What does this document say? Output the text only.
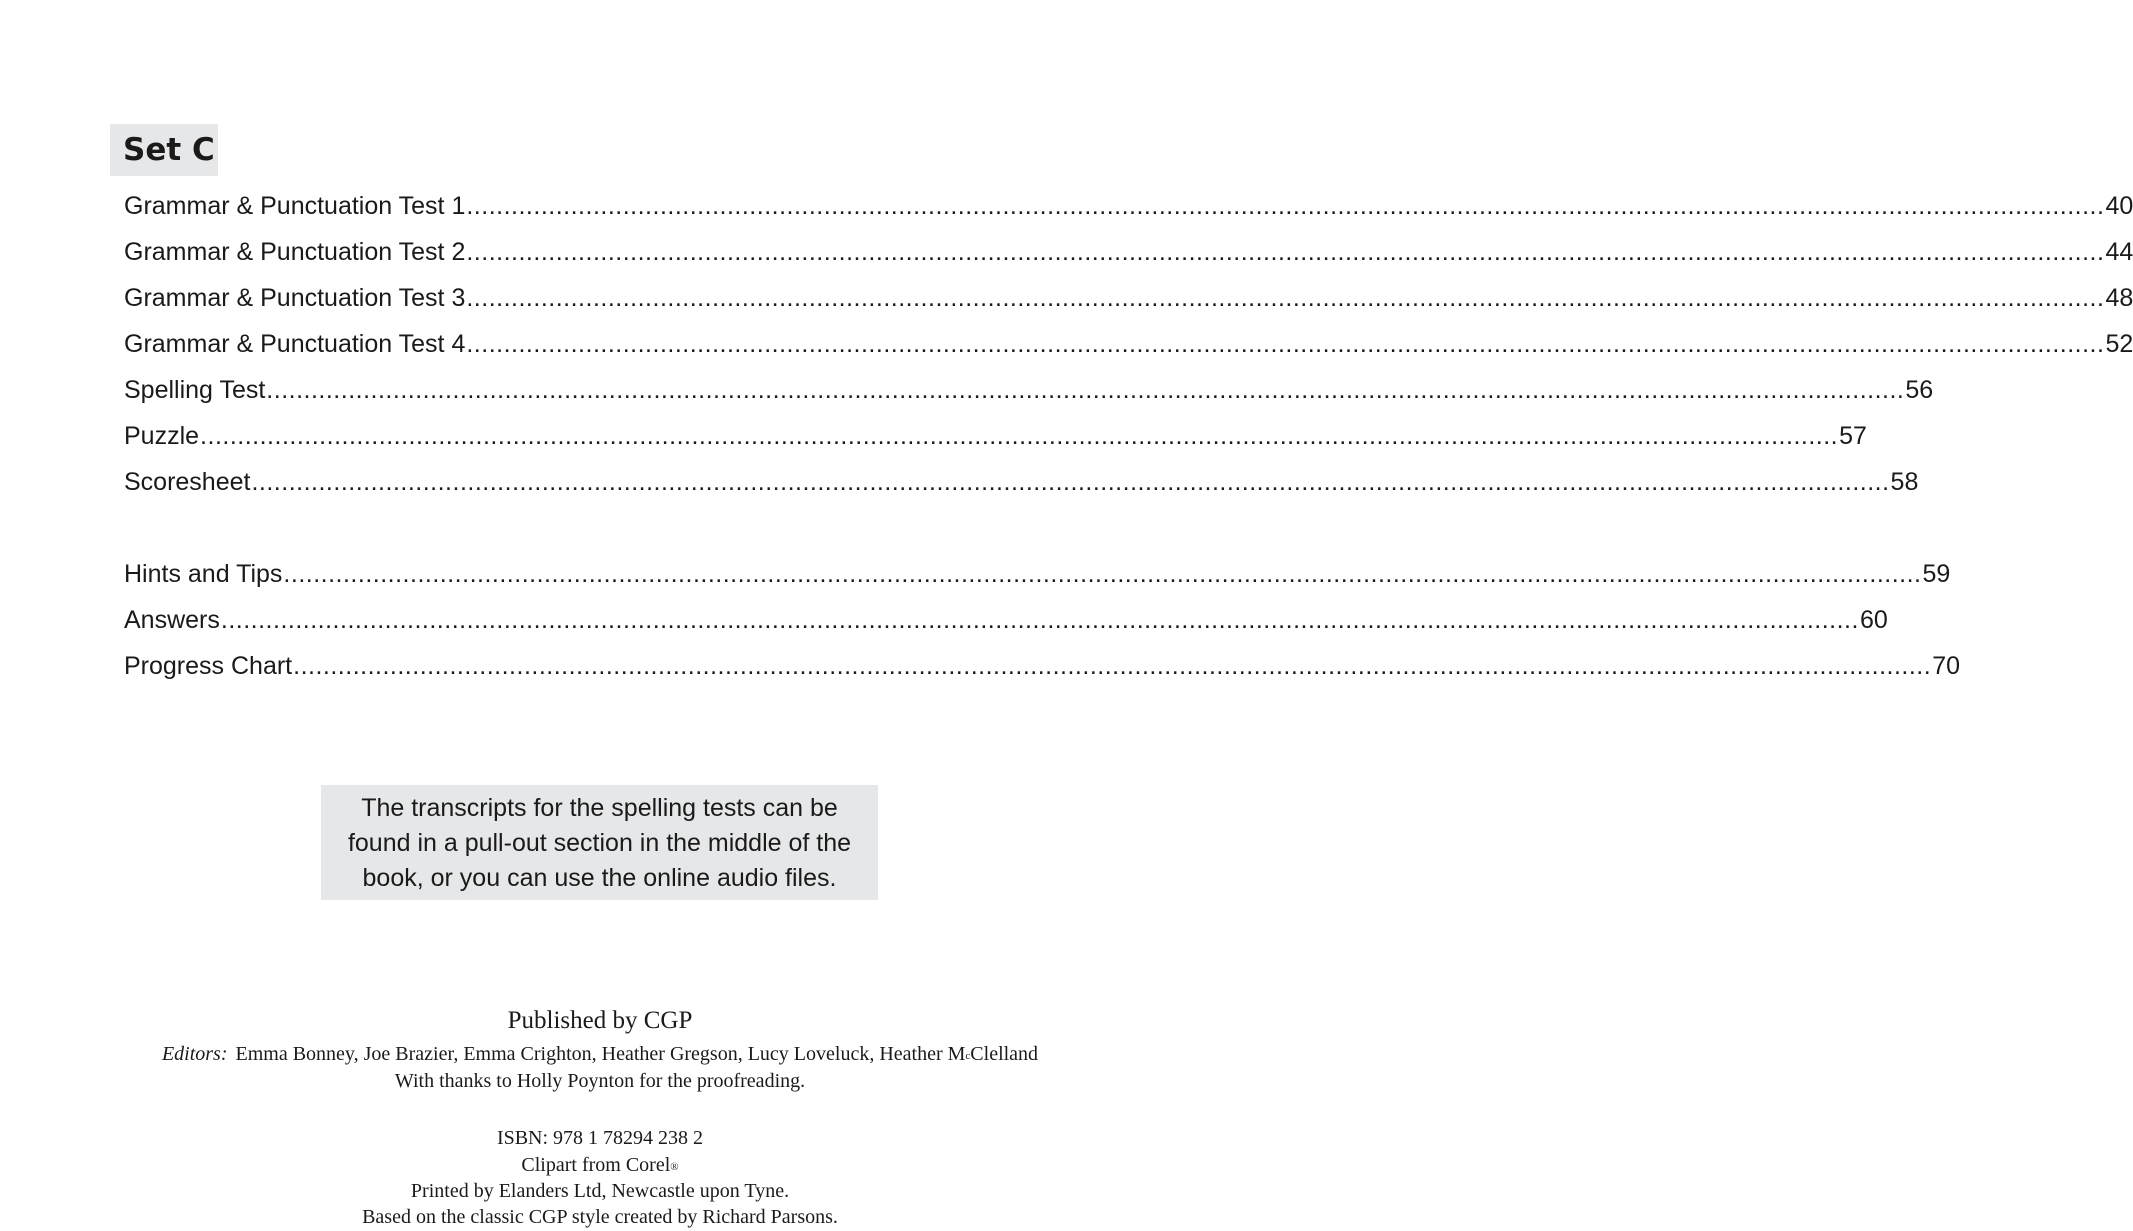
Set C
Grammar & Punctuation Test 1 ............................................................................................................................................................................................................................ 40
Grammar & Punctuation Test 2 ............................................................................................................................................................................................................................ 44
Grammar & Punctuation Test 3 ............................................................................................................................................................................................................................ 48
Grammar & Punctuation Test 4 ............................................................................................................................................................................................................................ 52
Spelling Test ............................................................................................................................................................................................................................ 56
Puzzle ............................................................................................................................................................................................................................ 57
Scoresheet ............................................................................................................................................................................................................................ 58
Hints and Tips ............................................................................................................................................................................................................................ 59
Answers ............................................................................................................................................................................................................................ 60
Progress Chart ............................................................................................................................................................................................................................ 70
The transcripts for the spelling tests can be
found in a pull-out section in the middle of the
book, or you can use the online audio files.
Published by CGP
Editors: Emma Bonney, Joe Brazier, Emma Crighton, Heather Gregson, Lucy Loveluck, Heather $M^cClelland$
With thanks to Holly Poynton for the proofreading.
ISBN: 978 1 78294 238 2
Clipart from Corel®
Printed by Elanders Ltd, Newcastle upon Tyne.
Based on the classic CGP style created by Richard Parsons.
